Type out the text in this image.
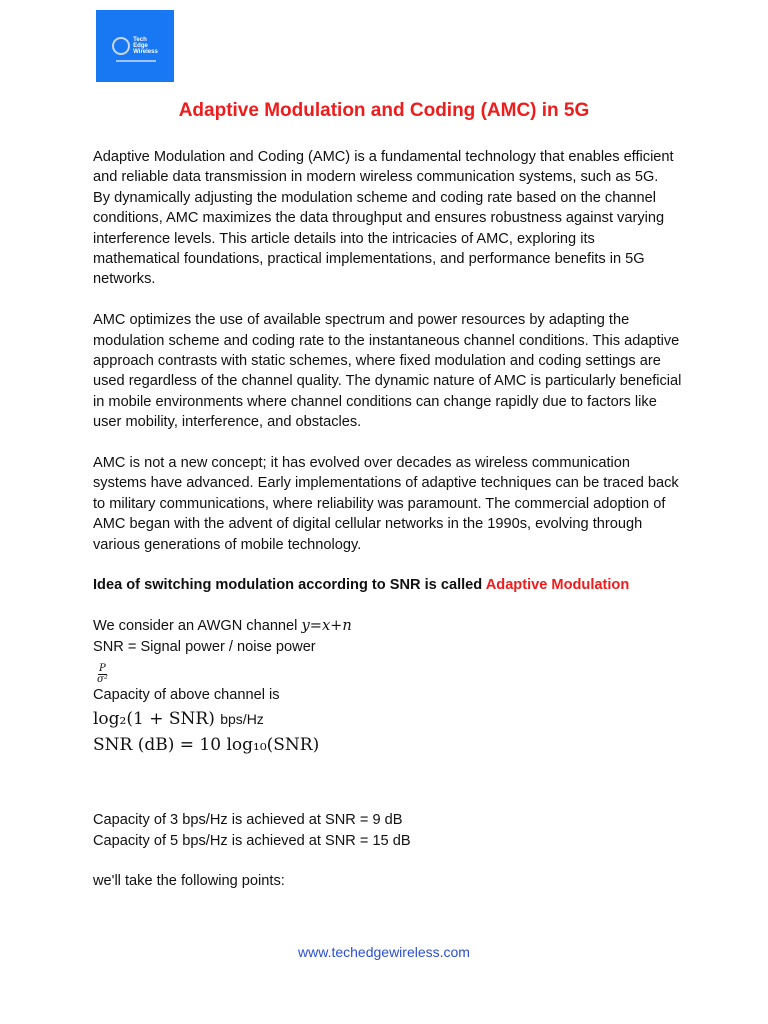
Tech
Edge
Wireless
Adaptive Modulation and Coding (AMC) in 5G

Adaptive Modulation and Coding (AMC) is a fundamental technology that enables efficient and reliable data transmission in modern wireless communication systems, such as 5G.

By dynamically adjusting the modulation scheme and coding rate based on the channel conditions, AMC maximizes the data throughput and ensures robustness against varying interference levels. This article details into the intricacies of AMC, exploring its mathematical foundations, practical implementations, and performance benefits in 5G networks.

AMC optimizes the use of available spectrum and power resources by adapting the modulation scheme and coding rate to the instantaneous channel conditions. This adaptive approach contrasts with static schemes, where fixed modulation and coding settings are used regardless of the channel quality. The dynamic nature of AMC is particularly beneficial in mobile environments where channel conditions can change rapidly due to factors like user mobility, interference, and obstacles.

AMC is not a new concept; it has evolved over decades as wireless communication systems have advanced. Early implementations of adaptive techniques can be traced back to military communications, where reliability was paramount. The commercial adoption of AMC began with the advent of digital cellular networks in the 1990s, evolving through various generations of mobile technology.

Idea of switching modulation according to SNR is called Adaptive Modulation

We consider an AWGN channel y=x+n

SNR = Signal power / noise power

$\frac{P}{\text{σ²}}$

Capacity of above channel is

log₂(1 + SNR) bps/Hz

SNR (dB) = 10 log₁₀(SNR)

Capacity of 3 bps/Hz is achieved at SNR = 9 dB

Capacity of 5 bps/Hz is achieved at SNR = 15 dB

we'll take the following points:

www.techedgewireless.com
